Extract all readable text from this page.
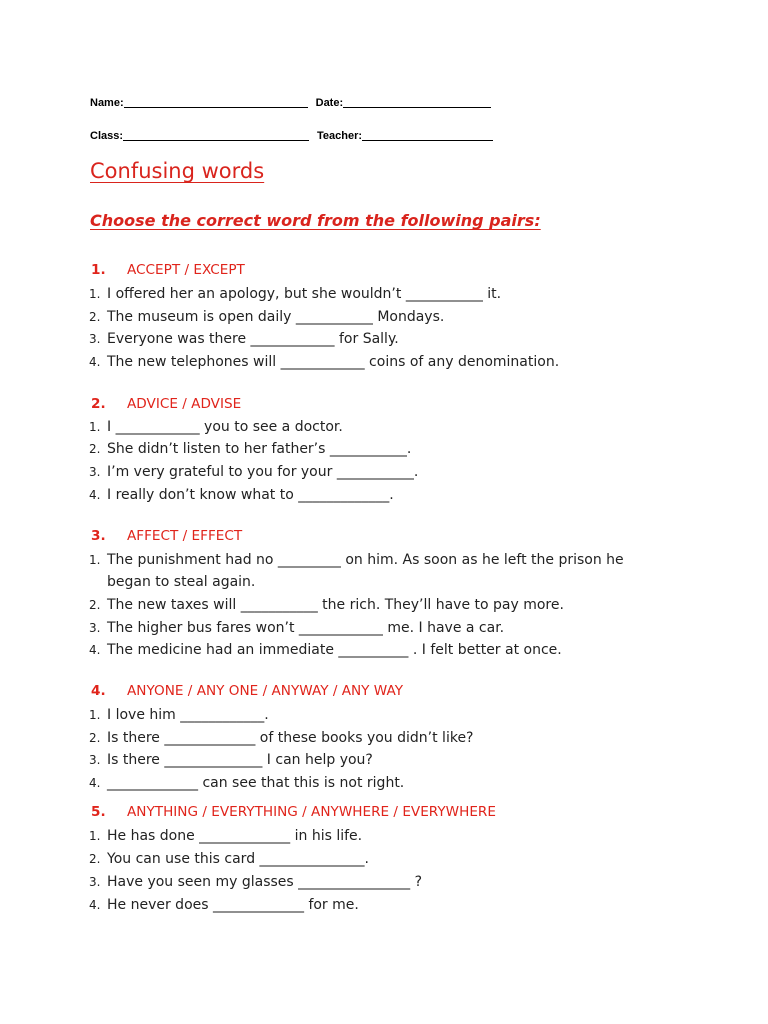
Name:	Date:
Class:	Teacher:
Confusing words
Choose the correct word from the following pairs:
1. ACCEPT / EXCEPT
1. I offered her an apology, but she wouldn’t ___________ it.
2. The museum is open daily ___________ Mondays.
3. Everyone was there ____________ for Sally.
4. The new telephones will ____________ coins of any denomination.
2. ADVICE / ADVISE
1. I ____________ you to see a doctor.
2. She didn’t listen to her father’s ___________.
3. I’m very grateful to you for your ___________.
4. I really don’t know what to _____________.
3. AFFECT / EFFECT
1. The punishment had no _________ on him. As soon as he left the prison he
began to steal again.
2. The new taxes will ___________ the rich. They’ll have to pay more.
3. The higher bus fares won’t ____________ me. I have a car.
4. The medicine had an immediate __________ . I felt better at once.
4. ANYONE / ANY ONE / ANYWAY / ANY WAY
1. I love him ____________.
2. Is there _____________ of these books you didn’t like?
3. Is there ______________ I can help you?
4. _____________ can see that this is not right.
5. ANYTHING / EVERYTHING / ANYWHERE / EVERYWHERE
1. He has done _____________ in his life.
2. You can use this card _______________.
3. Have you seen my glasses ________________ ?
4. He never does _____________ for me.
